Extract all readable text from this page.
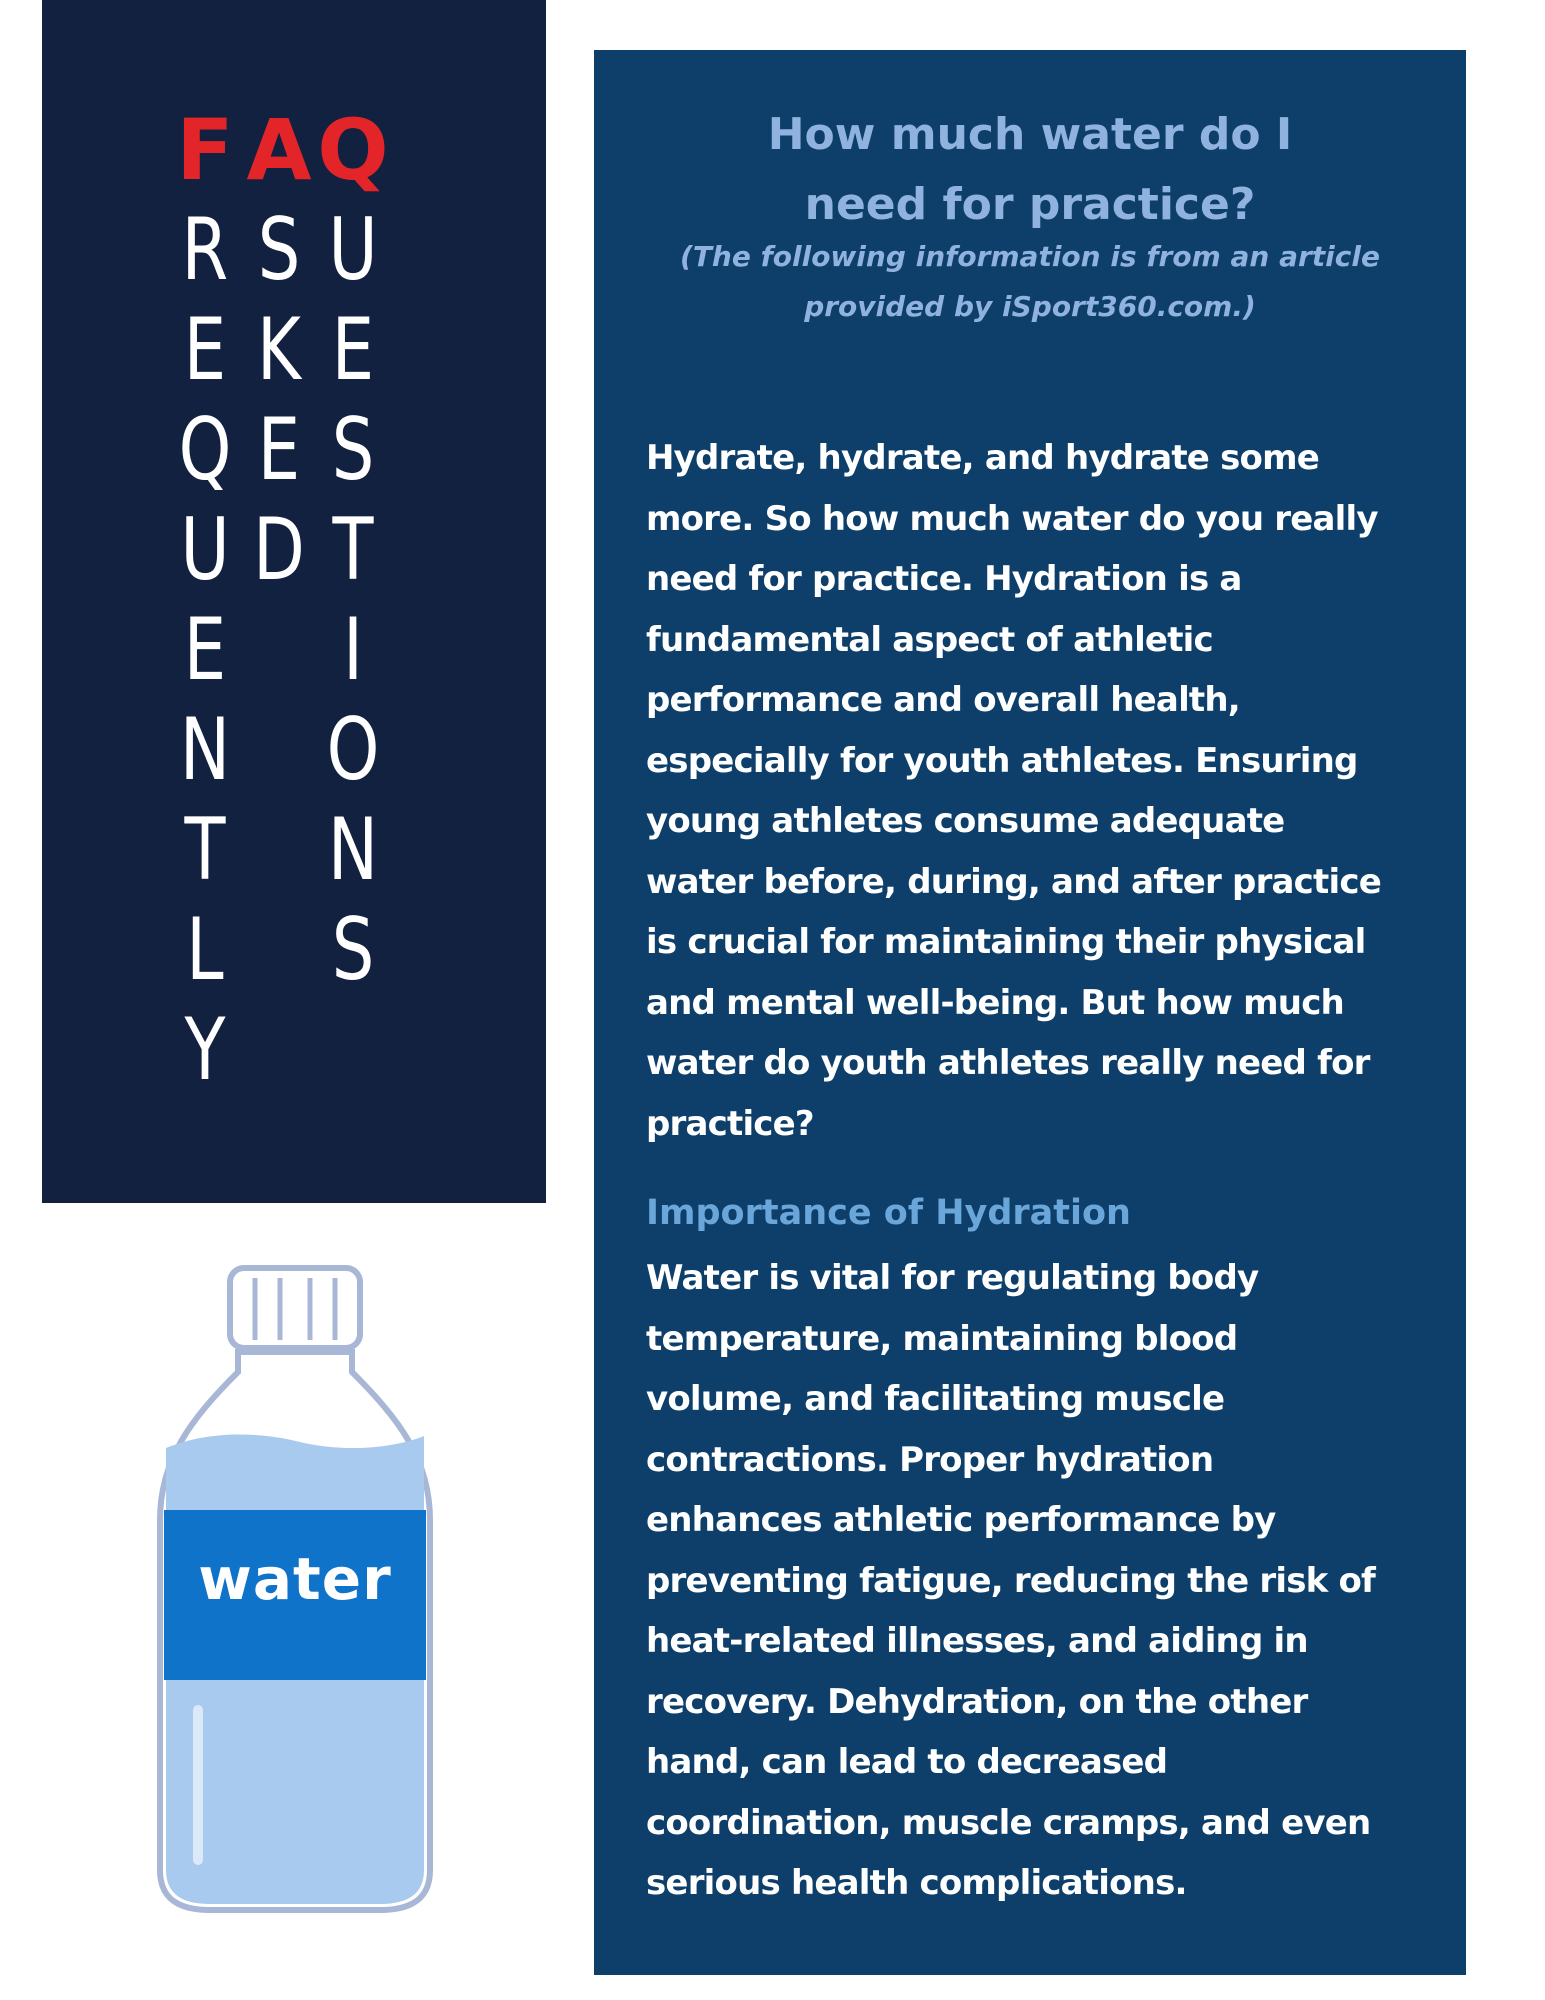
F A Q
R S U
E K E
Q E S
U D T
E I
N O
T N
L S
Y
water
How much water do I
need for practice?
(The following information is from an article
provided by iSport360.com.)
Hydrate, hydrate, and hydrate some
more. So how much water do you really
need for practice. Hydration is a
fundamental aspect of athletic
performance and overall health,
especially for youth athletes. Ensuring
young athletes consume adequate
water before, during, and after practice
is crucial for maintaining their physical
and mental well-being. But how much
water do youth athletes really need for
practice?
Importance of Hydration
Water is vital for regulating body
temperature, maintaining blood
volume, and facilitating muscle
contractions. Proper hydration
enhances athletic performance by
preventing fatigue, reducing the risk of
heat-related illnesses, and aiding in
recovery. Dehydration, on the other
hand, can lead to decreased
coordination, muscle cramps, and even
serious health complications.
